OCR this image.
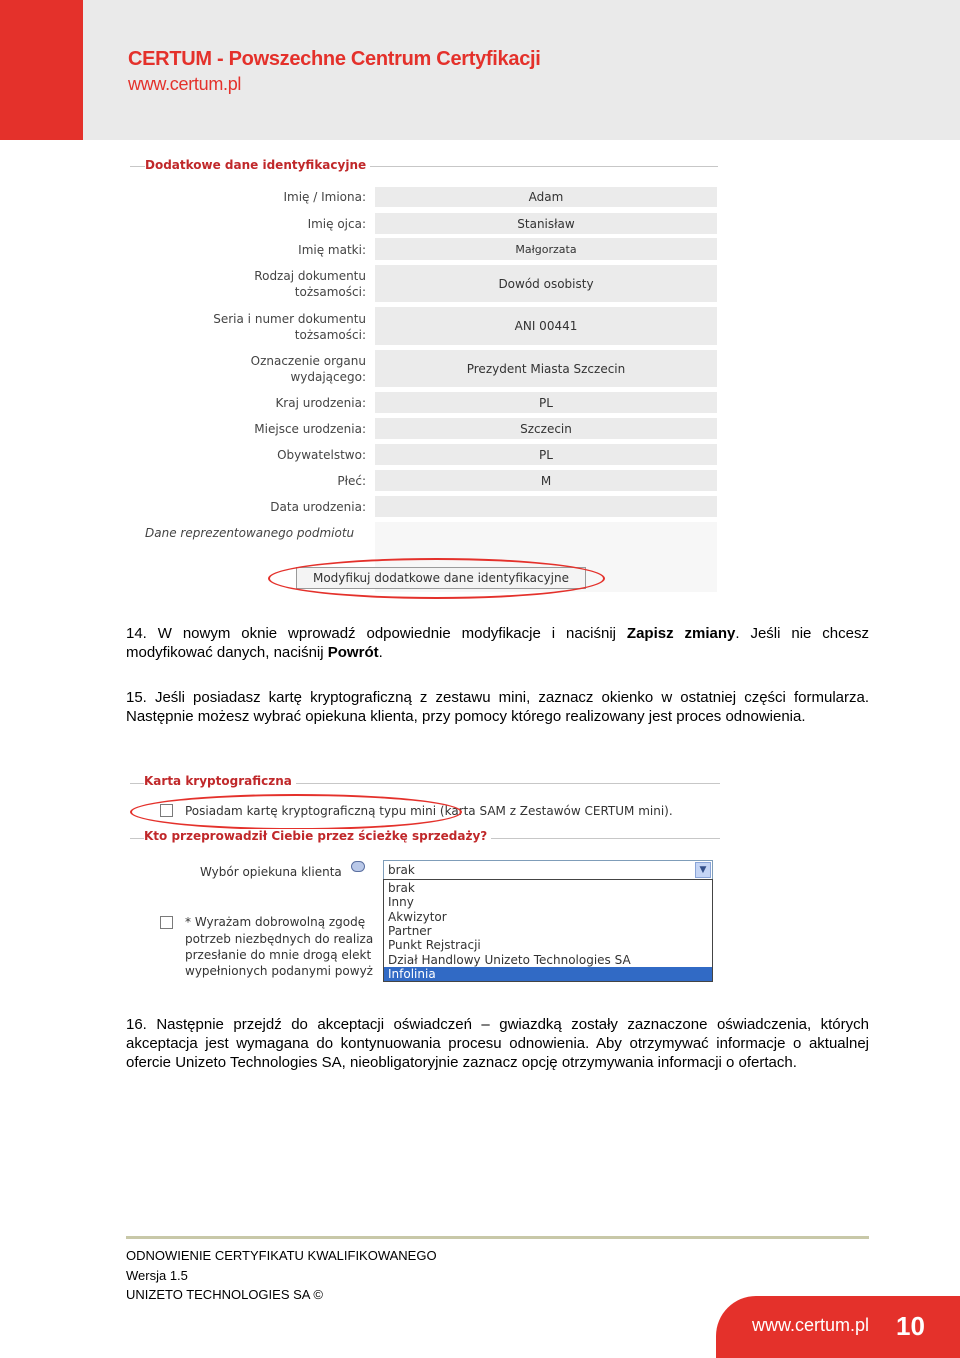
CERTUM - Powszechne Centrum Certyfikacji
www.certum.pl
Dodatkowe dane identyfikacyjne
Imię / Imiona:	Adam
Imię ojca:	Stanisław
Imię matki:	Małgorzata
Rodzaj dokumentu
tożsamości:
Dowód osobisty
Seria i numer dokumentu
tożsamości:
ANI 00441
Oznaczenie organu
wydającego:
Prezydent Miasta Szczecin
Kraj urodzenia:	PL
Miejsce urodzenia:	Szczecin
Obywatelstwo:	PL
Płeć:	M
Data urodzenia:
Dane reprezentowanego podmiotu
Modyfikuj dodatkowe dane identyfikacyjne
14. W nowym oknie wprowadź odpowiednie modyfikacje i naciśnij Zapisz zmiany. Jeśli nie chcesz modyfikować danych, naciśnij Powrót.
15. Jeśli posiadasz kartę kryptograficzną z zestawu mini, zaznacz okienko w ostatniej części formularza. Następnie możesz wybrać opiekuna klienta, przy pomocy którego realizowany jest proces odnowienia.
Karta kryptograficzna
Posiadam kartę kryptograficzną typu mini (karta SAM z Zestawów CERTUM mini).
Kto przeprowadził Ciebie przez ścieżkę sprzedaży?
Wybór opiekuna klienta	brak	▼
* Wyrażam dobrowolną zgodę
potrzeb niezbędnych do realiza
przesłanie do mnie drogą elekt
wypełnionych podanymi powyż
brak
Inny
Akwizytor
Partner
Punkt Rejstracji
Dział Handlowy Unizeto Technologies SA
Infolinia
16. Następnie przejdź do akceptacji oświadczeń – gwiazdką zostały zaznaczone oświadczenia, których akceptacja jest wymagana do kontynuowania procesu odnowienia. Aby otrzymywać informacje o aktualnej ofercie Unizeto Technologies SA, nieobligatoryjnie zaznacz opcję otrzymywania informacji o ofertach.
ODNOWIENIE CERTYFIKATU KWALIFIKOWANEGO
Wersja 1.5
UNIZETO TECHNOLOGIES SA ©
www.certum.pl 10
